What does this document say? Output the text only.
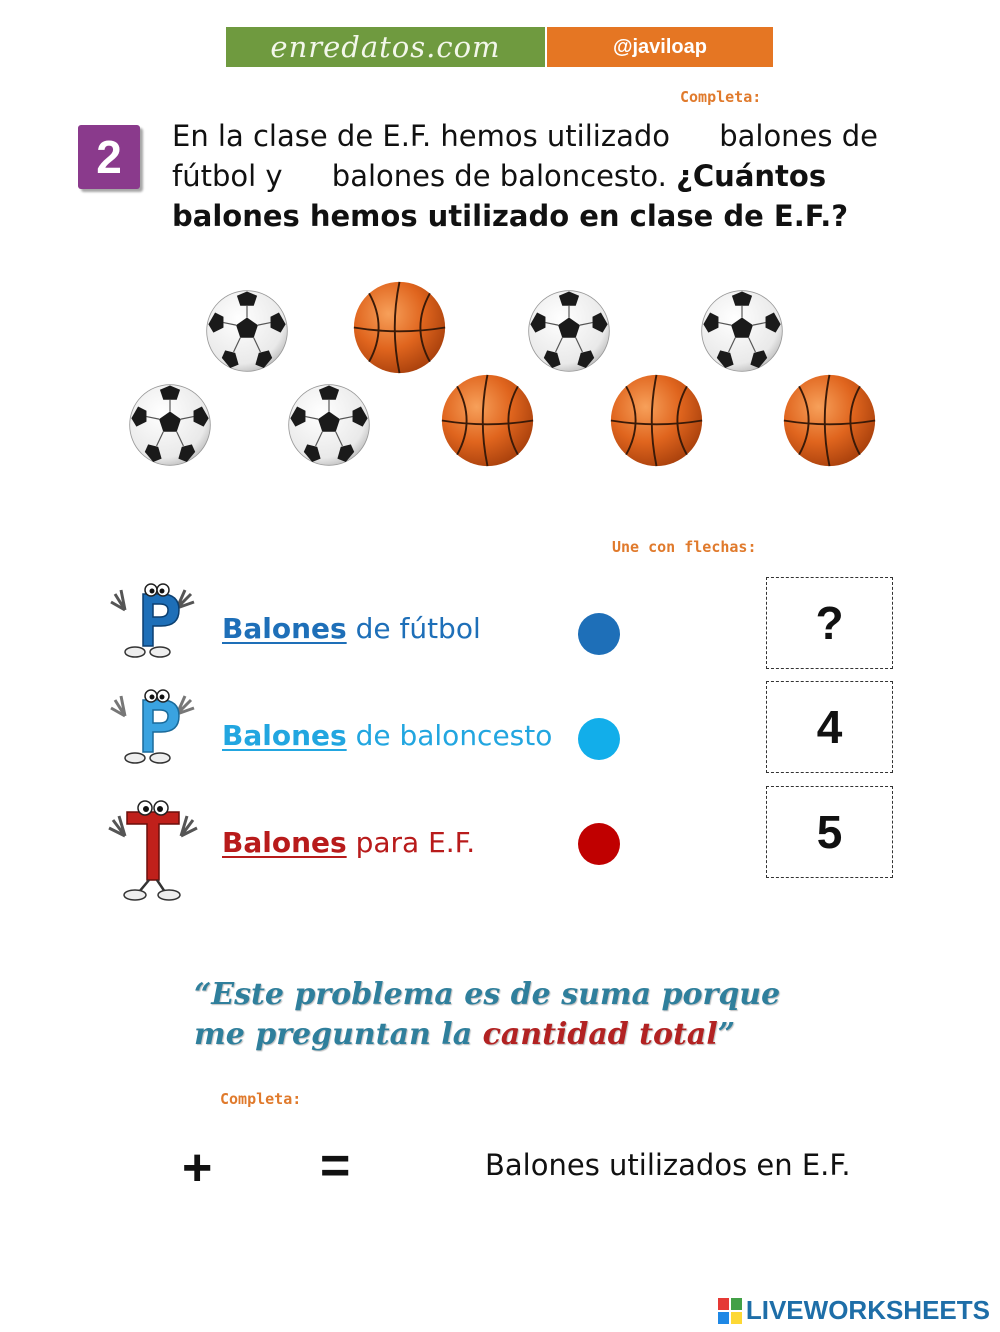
enredatos.com	@javiloap
Completa:
2	En la clase de E.F. hemos utilizado balones de fútbol y balones de baloncesto. ¿Cuántos balones hemos utilizado en clase de E.F.?
Une con flechas:
Balones de fútbol	?
Balones de baloncesto	4
Balones para E.F.	5
“Este problema es de suma porque me preguntan la cantidad total”
Completa:
+ =	Balones utilizados en E.F.
LIVEWORKSHEETS
